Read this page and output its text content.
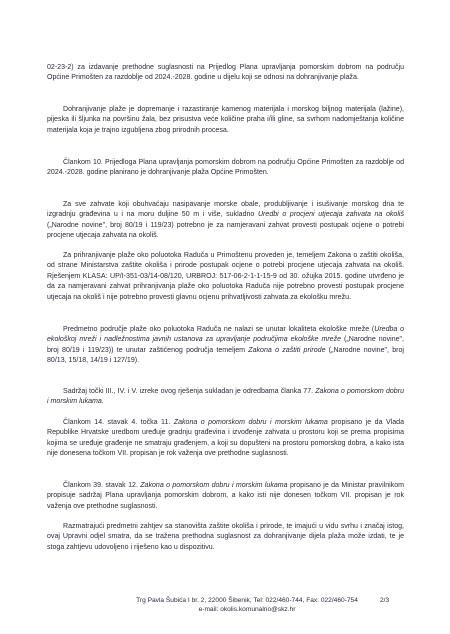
02-23-2) za izdavanje prethodne suglasnosti na Prijedlog Plana upravljanja pomorskim dobrom na području Općine Primošten za razdoblje od 2024.-2028. godine u dijelu koji se odnosi na dohranjivanje plaža.

Dohranjivanje plaže je dopremanje i razastiranje kamenog materijala i morskog biljnog materijala (lažine), pijeska ili šljunka na površinu žala, bez prisustva veće količine praha i/ili gline, sa svrhom nadomještanja količine materijala koja je trajno izgubljena zbog prirodnih procesa.

Člankom 10. Prijedloga Plana upravljanja pomorskim dobrom na području Općine Primošten za razdoblje od 2024.-2028. godine planirano je dohranjivanje plaža Općine Primošten.

Za sve zahvate koji obuhvaćaju nasipavanje morske obale, produbljivanje i isušivanje morskog dna te izgradnju građevina u i na moru duljine 50 m i više, sukladno Uredbi o procjeni utjecaja zahvata na okoliš („Narodne novine", broj 80/19 i 119/23) potrebno je za namjeravani zahvat provesti postupak ocjene o potrebi procjene utjecaja zahvata na okoliš.

Za prihranjivanje plaže oko poluotoka Raduča u Primoštenu proveden je, temeljem Zakona o zaštiti okoliša, od strane Ministarstva zaštite okoliša i prirode postupak ocjene o potrebi procjene utjecaja zahvata na okoliš. Rješenjem KLASA: UP/I-351-03/14-08/120, URBROJ: 517-06-2-1-1-15-9 od 30. ožujka 2015. godine utvrđeno je da za namjeravani zahvat prihranjivanja plaže oko poluotoka Raduča nije potrebno provesti postupak procjene utjecaja na okoliš i nije potrebno provesti glavnu ocjenu prihvatljivosti zahvata za ekološku mrežu.

Predmetno područje plaže oko poluotoka Raduča ne nalazi se unutar lokaliteta ekološke mreže (Uredba o ekološkoj mreži i nadležnostima javnih ustanova za upravljanje područjima ekološke mreže („Narodne novine", broj 80/19 i 119/23)) te unutar zaštićenog područja temeljem Zakona o zaštiti prirode („Narodne novine", broj 80/13, 15/18, 14/19 i 127/19).

Sadržaj točki III., IV. i V. izreke ovog rješenja sukladan je odredbama članka 77. Zakona o pomorskom dobru i morskim lukama.

Člankom 14. stavak 4. točka 11. Zakona o pomorskom dobru i morskim lukama propisano je da Vlada Republike Hrvatske uredbom uređuje gradnju građevina i izvođenje zahvata u prostoru koji se prema propisima kojima se uređuje građenje ne smatraju građenjem, a koji su dopušteni na prostoru pomorskog dobra, a kako ista nije donesena točkom VII. propisan je rok važenja ove prethodne suglasnosti.

Člankom 39. stavak 12. Zakona o pomorskom dobru i morskim lukama propisano je da Ministar pravilnikom propisuje sadržaj Plana upravljanja pomorskim dobrom, a kako isti nije donesen točkom VII. propisan je rok važenja ove prethodne suglasnosti.

Razmatrajući predmetni zahtjev sa stanovišta zaštite okoliša i prirode, te imajući u vidu svrhu i značaj istog, ovaj Upravni odjel smatra, da se tražena prethodna suglasnost za dohranjivanje dijela plaža može izdati, te je stoga zahtjevu udovoljeno i riješeno kao u dispozitivu.

Trg Pavla Šubića I br. 2, 22000 Šibenik, Tel: 022/460-744, Fax: 022/460-754
e-mail: okolis.komunalno@skz.hr
2/3
